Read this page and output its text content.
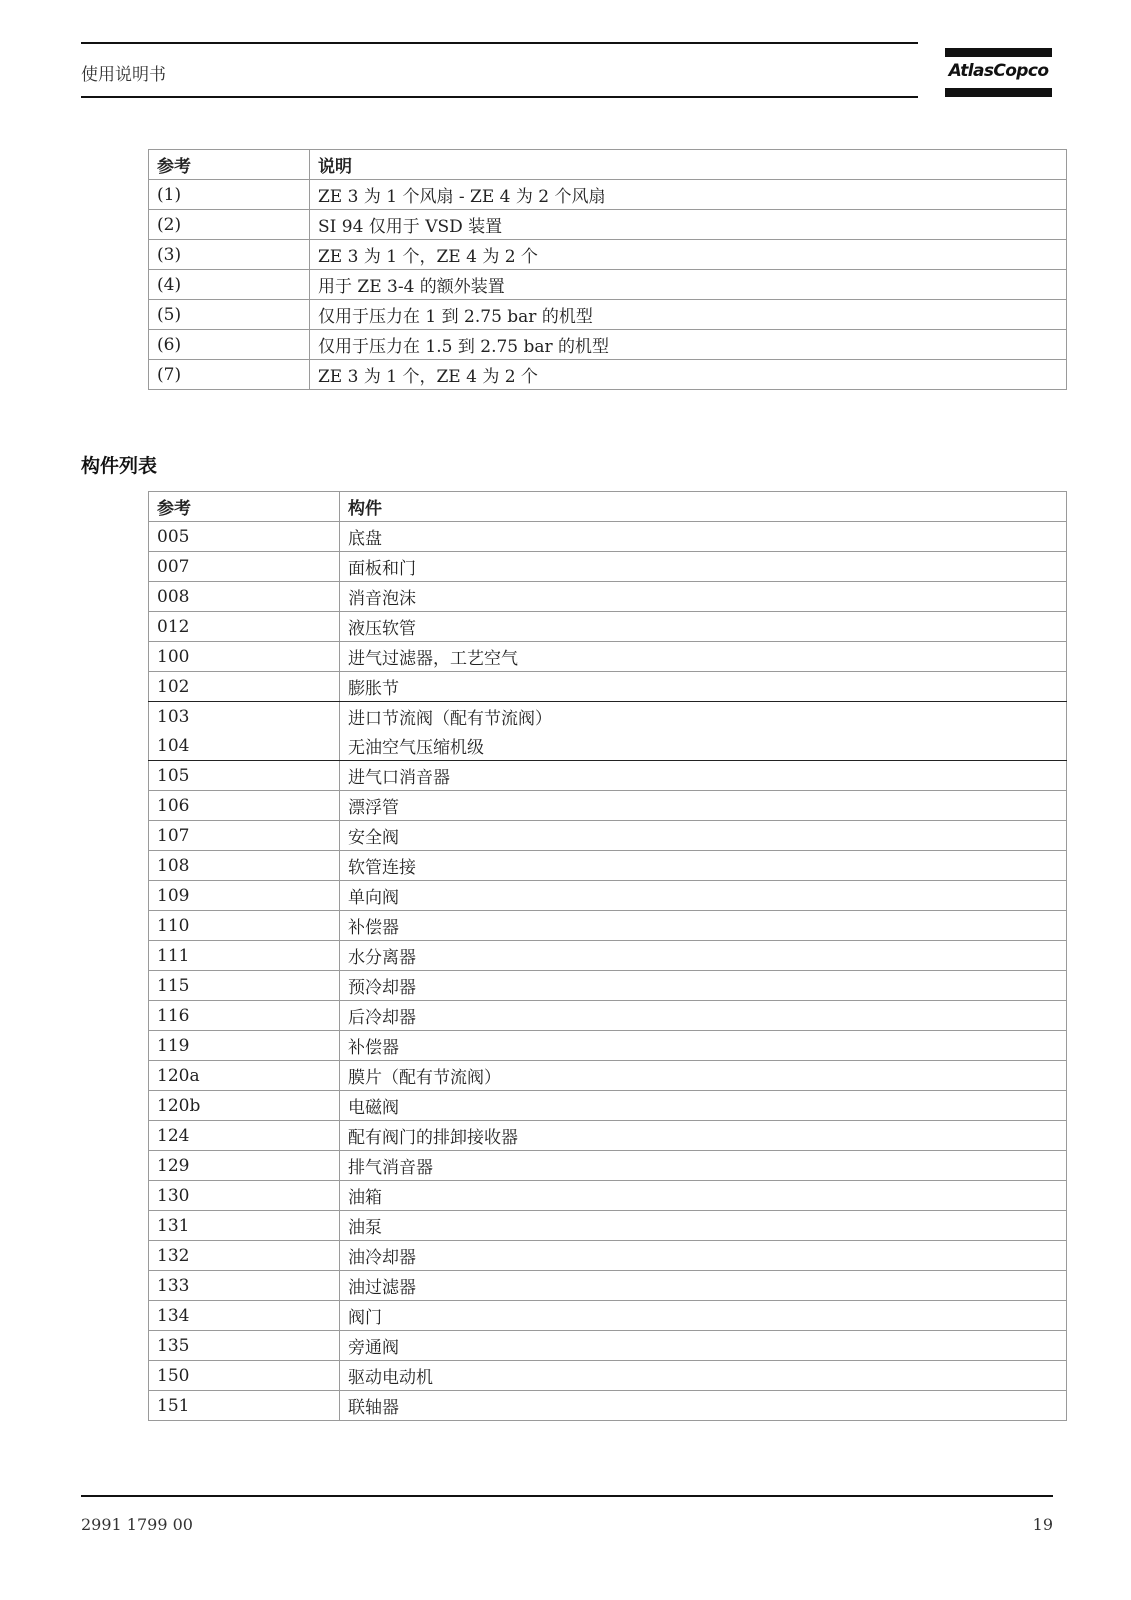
使用说明书	AtlasCopco
参考	说明
(1)	ZE 3 为 1 个风扇 - ZE 4 为 2 个风扇
(2)	SI 94 仅用于 VSD 装置
(3)	ZE 3 为 1 个，ZE 4 为 2 个
(4)	用于 ZE 3-4 的额外装置
(5)	仅用于压力在 1 到 2.75 bar 的机型
(6)	仅用于压力在 1.5 到 2.75 bar 的机型
(7)	ZE 3 为 1 个，ZE 4 为 2 个
构件列表
参考	构件
005	底盘
007	面板和门
008	消音泡沫
012	液压软管
100	进气过滤器，工艺空气
102	膨胀节
103	进口节流阀（配有节流阀）
104	无油空气压缩机级
105	进气口消音器
106	漂浮管
107	安全阀
108	软管连接
109	单向阀
110	补偿器
111	水分离器
115	预冷却器
116	后冷却器
119	补偿器
120a	膜片（配有节流阀）
120b	电磁阀
124	配有阀门的排卸接收器
129	排气消音器
130	油箱
131	油泵
132	油冷却器
133	油过滤器
134	阀门
135	旁通阀
150	驱动电动机
151	联轴器
2991 1799 00	19
